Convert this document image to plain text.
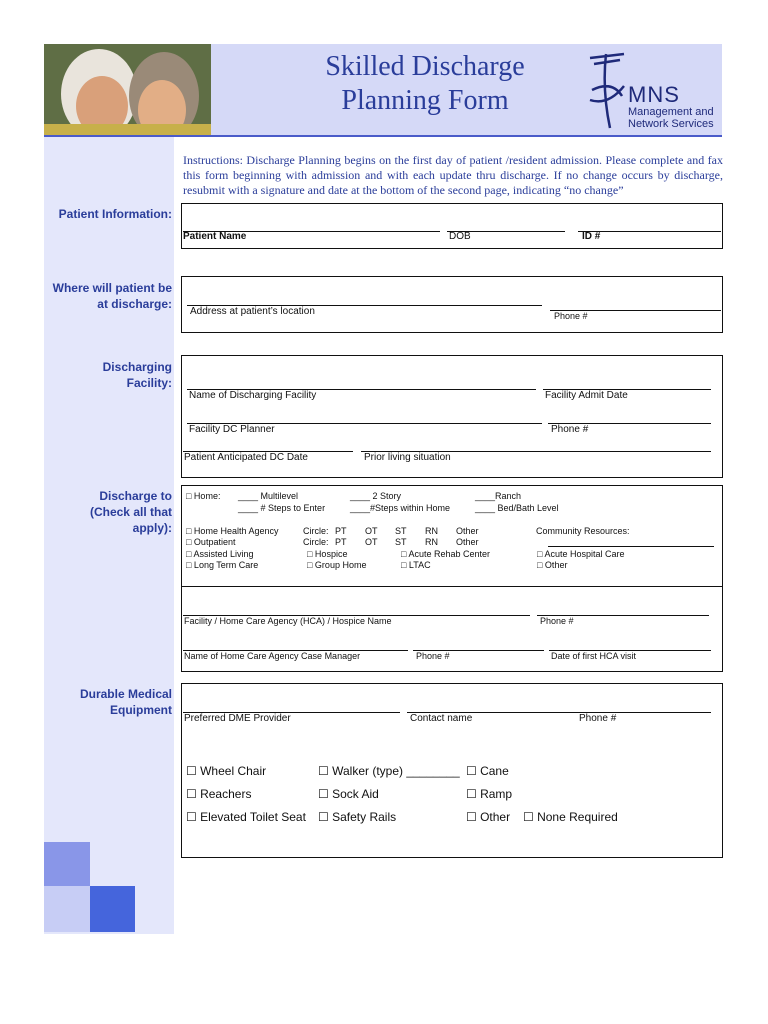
Skilled Discharge
Planning Form	MNS
Management and
Network Services
Patient Information:
Where will patient be
at discharge:
Discharging
Facility:
Discharge to
(Check all that
apply):
Durable Medical
Equipment
Instructions: Discharge Planning begins on the first day of patient /resident admission. Please complete and fax this form beginning with admission and with each update thru discharge. If no change occurs by discharge, resubmit with a signature and date at the bottom of the second page, indicating “no change”
Patient Name	DOB	ID #
Address at patient’s location	Phone #
Name of Discharging Facility	Facility Admit Date
Facility DC Planner	Phone #
Patient Anticipated DC Date	Prior living situation
□ Home: ____ Multilevel	____ 2 Story	____Ranch
____ # Steps to Enter	____#Steps within Home	____ Bed/Bath Level
□ Home Health Agency	Circle: PT OT ST RN Other	Community Resources:
□ Outpatient	Circle: PT OT ST RN Other
□ Assisted Living	□ Hospice	□ Acute Rehab Center	□ Acute Hospital Care
□ Long Term Care	□ Group Home	□ LTAC	□ Other
Facility / Home Care Agency (HCA) / Hospice Name	Phone #
Name of Home Care Agency Case Manager	Phone #	Date of first HCA visit
Preferred DME Provider	Contact name	Phone #
☐ Wheel Chair	☐ Walker (type) ________ ☐ Cane
☐ Reachers	☐ Sock Aid	☐ Ramp
☐ Elevated Toilet Seat ☐ Safety Rails	☐ Other ☐ None Required
